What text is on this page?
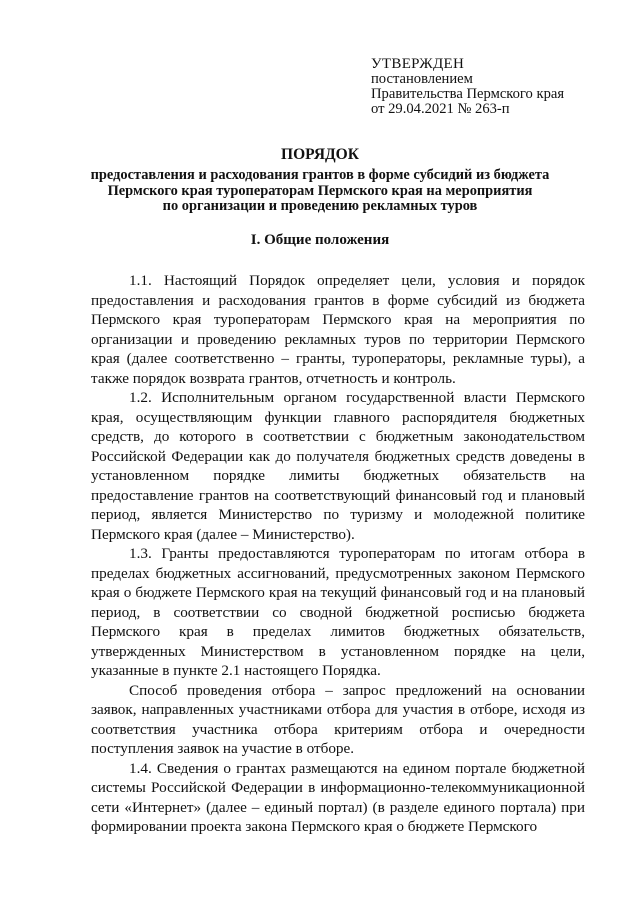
УТВЕРЖДЕН
постановлением
Правительства Пермского края
от 29.04.2021 № 263-п
ПОРЯДОК
предоставления и расходования грантов в форме субсидий из бюджета
Пермского края туроператорам Пермского края на мероприятия
по организации и проведению рекламных туров
I. Общие положения

1.1. Настоящий Порядок определяет цели, условия и порядок предоставления и расходования грантов в форме субсидий из бюджета Пермского края туроператорам Пермского края на мероприятия по организации и проведению рекламных туров по территории Пермского края (далее соответственно – гранты, туроператоры, рекламные туры), а также порядок возврата грантов, отчетность и контроль.

1.2. Исполнительным органом государственной власти Пермского края, осуществляющим функции главного распорядителя бюджетных средств, до которого в соответствии с бюджетным законодательством Российской Федерации как до получателя бюджетных средств доведены в установленном порядке лимиты бюджетных обязательств на предоставление грантов на соответствующий финансовый год и плановый период, является Министерство по туризму и молодежной политике Пермского края (далее – Министерство).

1.3. Гранты предоставляются туроператорам по итогам отбора в пределах бюджетных ассигнований, предусмотренных законом Пермского края о бюджете Пермского края на текущий финансовый год и на плановый период, в соответствии со сводной бюджетной росписью бюджета Пермского края в пределах лимитов бюджетных обязательств, утвержденных Министерством в установленном порядке на цели, указанные в пункте 2.1 настоящего Порядка.

Способ проведения отбора – запрос предложений на основании заявок, направленных участниками отбора для участия в отборе, исходя из соответствия участника отбора критериям отбора и очередности поступления заявок на участие в отборе.

1.4. Сведения о грантах размещаются на едином портале бюджетной системы Российской Федерации в информационно-телекоммуникационной сети «Интернет» (далее – единый портал) (в разделе единого портала) при формировании проекта закона Пермского края о бюджете Пермского
